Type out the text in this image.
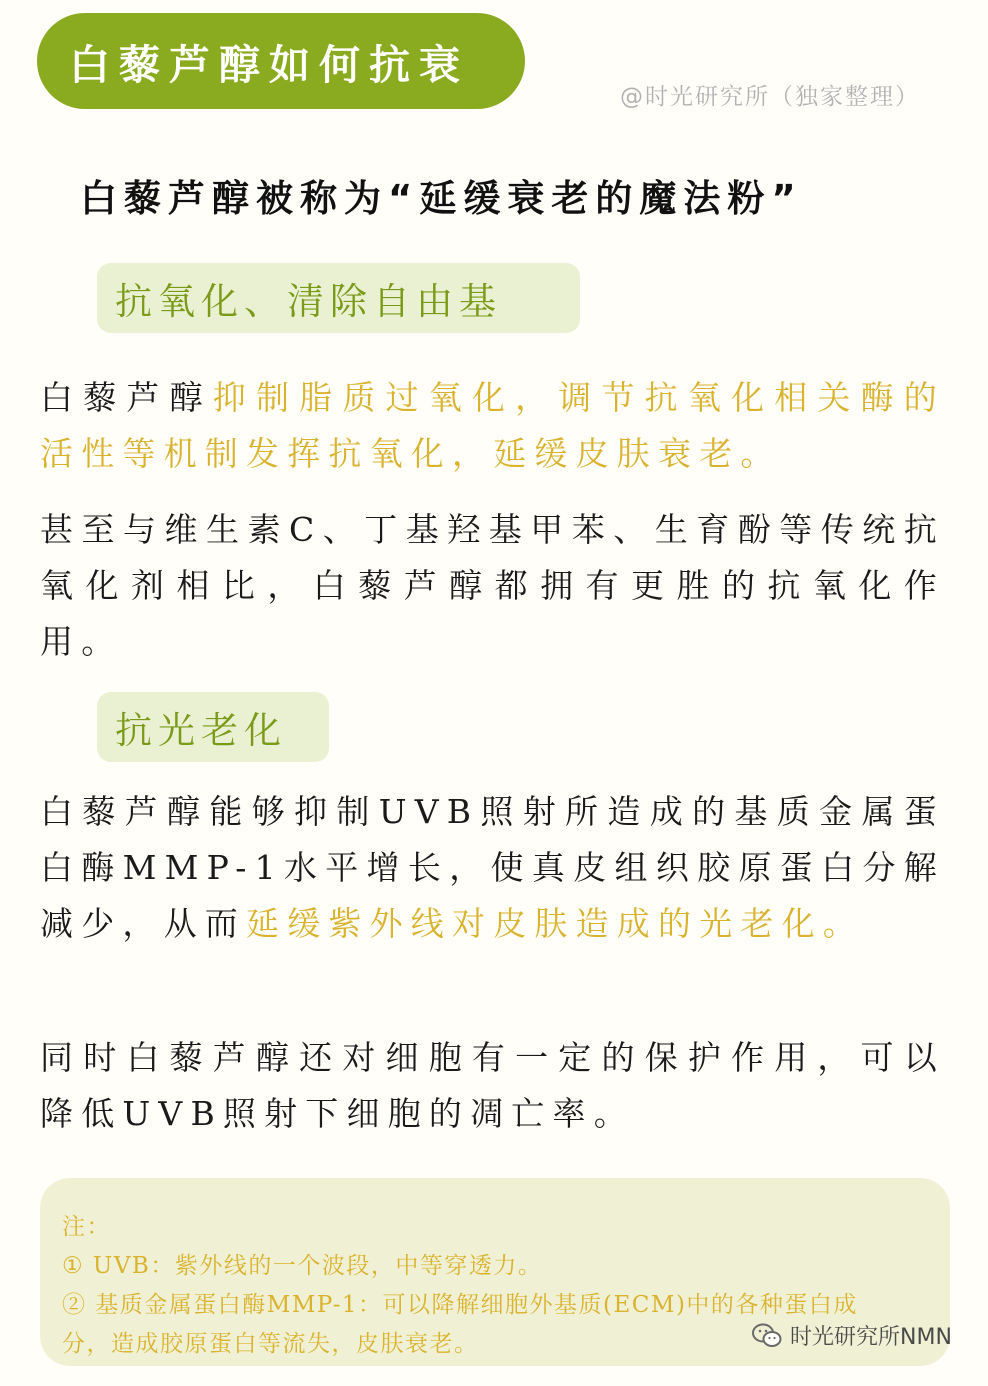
白藜芦醇如何抗衰
@时光研究所（独家整理）
白藜芦醇被称为“延缓衰老的魔法粉”
抗氧化、清除自由基
白藜芦醇抑制脂质过氧化，调节抗氧化相关酶的活性等机制发挥抗氧化，延缓皮肤衰老。
甚至与维生素C、丁基羟基甲苯、生育酚等传统抗氧化剂相比，白藜芦醇都拥有更胜的抗氧化作用。
抗光老化
白藜芦醇能够抑制UVB照射所造成的基质金属蛋白酶MMP-1水平增长，使真皮组织胶原蛋白分解减少，从而延缓紫外线对皮肤造成的光老化。
同时白藜芦醇还对细胞有一定的保护作用，可以降低UVB照射下细胞的凋亡率。
注：
① UVB：紫外线的一个波段，中等穿透力。
② 基质金属蛋白酶MMP-1：可以降解细胞外基质(ECM)中的各种蛋白成
分，造成胶原蛋白等流失，皮肤衰老。	时光研究所NMN
